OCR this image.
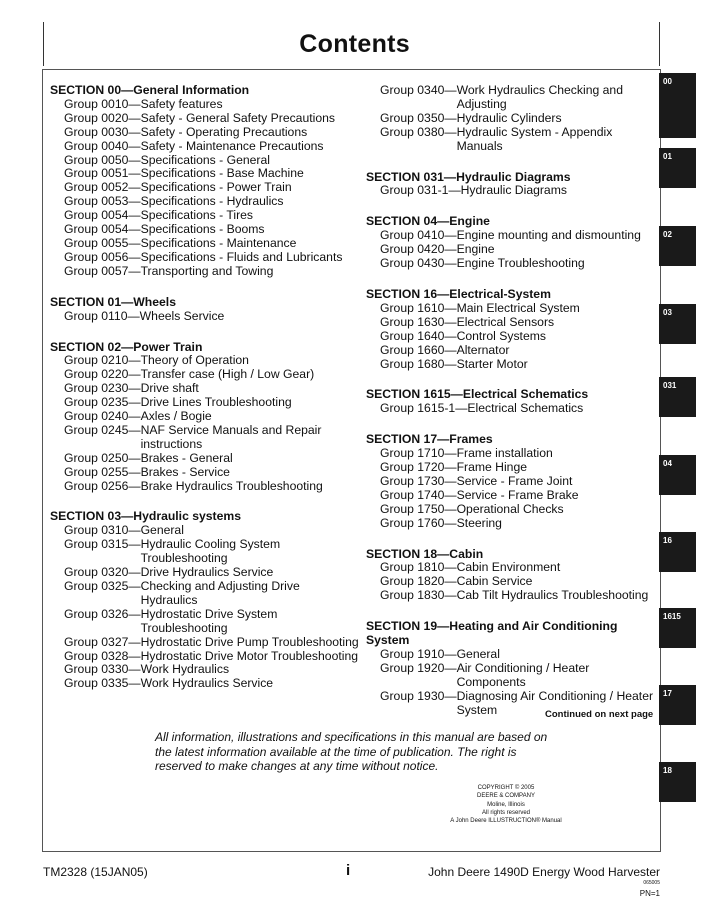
Contents
SECTION 00—General Information
Group 0010 — Safety features
Group 0020 — Safety - General Safety Precautions
Group 0030 — Safety - Operating Precautions
Group 0040 — Safety - Maintenance Precautions
Group 0050 — Specifications - General
Group 0051 — Specifications - Base Machine
Group 0052 — Specifications - Power Train
Group 0053 — Specifications - Hydraulics
Group 0054 — Specifications - Tires
Group 0054 — Specifications - Booms
Group 0055 — Specifications - Maintenance
Group 0056 — Specifications - Fluids and Lubricants
Group 0057 — Transporting and Towing
SECTION 01—Wheels
Group 0110 — Wheels Service
SECTION 02—Power Train
Group 0210 — Theory of Operation
Group 0220 — Transfer case (High / Low Gear)
Group 0230 — Drive shaft
Group 0235 — Drive Lines Troubleshooting
Group 0240 — Axles / Bogie
Group 0245 — NAF Service Manuals and Repair instructions
Group 0250 — Brakes - General
Group 0255 — Brakes - Service
Group 0256 — Brake Hydraulics Troubleshooting
SECTION 03—Hydraulic systems
Group 0310 — General
Group 0315 — Hydraulic Cooling System Troubleshooting
Group 0320 — Drive Hydraulics Service
Group 0325 — Checking and Adjusting Drive Hydraulics
Group 0326 — Hydrostatic Drive System Troubleshooting
Group 0327 — Hydrostatic Drive Pump Troubleshooting
Group 0328 — Hydrostatic Drive Motor Troubleshooting
Group 0330 — Work Hydraulics
Group 0335 — Work Hydraulics Service
Group 0340 — Work Hydraulics Checking and Adjusting
Group 0350 — Hydraulic Cylinders
Group 0380 — Hydraulic System - Appendix Manuals
SECTION 031—Hydraulic Diagrams
Group 031-1 — Hydraulic Diagrams
SECTION 04—Engine
Group 0410 — Engine mounting and dismounting
Group 0420 — Engine
Group 0430 — Engine Troubleshooting
SECTION 16—Electrical-System
Group 1610 — Main Electrical System
Group 1630 — Electrical Sensors
Group 1640 — Control Systems
Group 1660 — Alternator
Group 1680 — Starter Motor
SECTION 1615—Electrical Schematics
Group 1615-1 — Electrical Schematics
SECTION 17—Frames
Group 1710 — Frame installation
Group 1720 — Frame Hinge
Group 1730 — Service - Frame Joint
Group 1740 — Service - Frame Brake
Group 1750 — Operational Checks
Group 1760 — Steering
SECTION 18—Cabin
Group 1810 — Cabin Environment
Group 1820 — Cabin Service
Group 1830 — Cab Tilt Hydraulics Troubleshooting
SECTION 19—Heating and Air Conditioning System
Group 1910 — General
Group 1920 — Air Conditioning / Heater Components
Group 1930 — Diagnosing Air Conditioning / Heater System	Continued on next page
All information, illustrations and specifications in this manual are based on the latest information available at the time of publication. The right is reserved to make changes at any time without notice.
COPYRIGHT © 2005
DEERE & COMPANY
Moline, Illinois
All rights reserved
A John Deere ILLUSTRUCTION® Manual
TM2328 (15JAN05)	i	John Deere 1490D Energy Wood Harvester
065005
PN=1
00
01
02
03
031
04
16
1615
17
18
